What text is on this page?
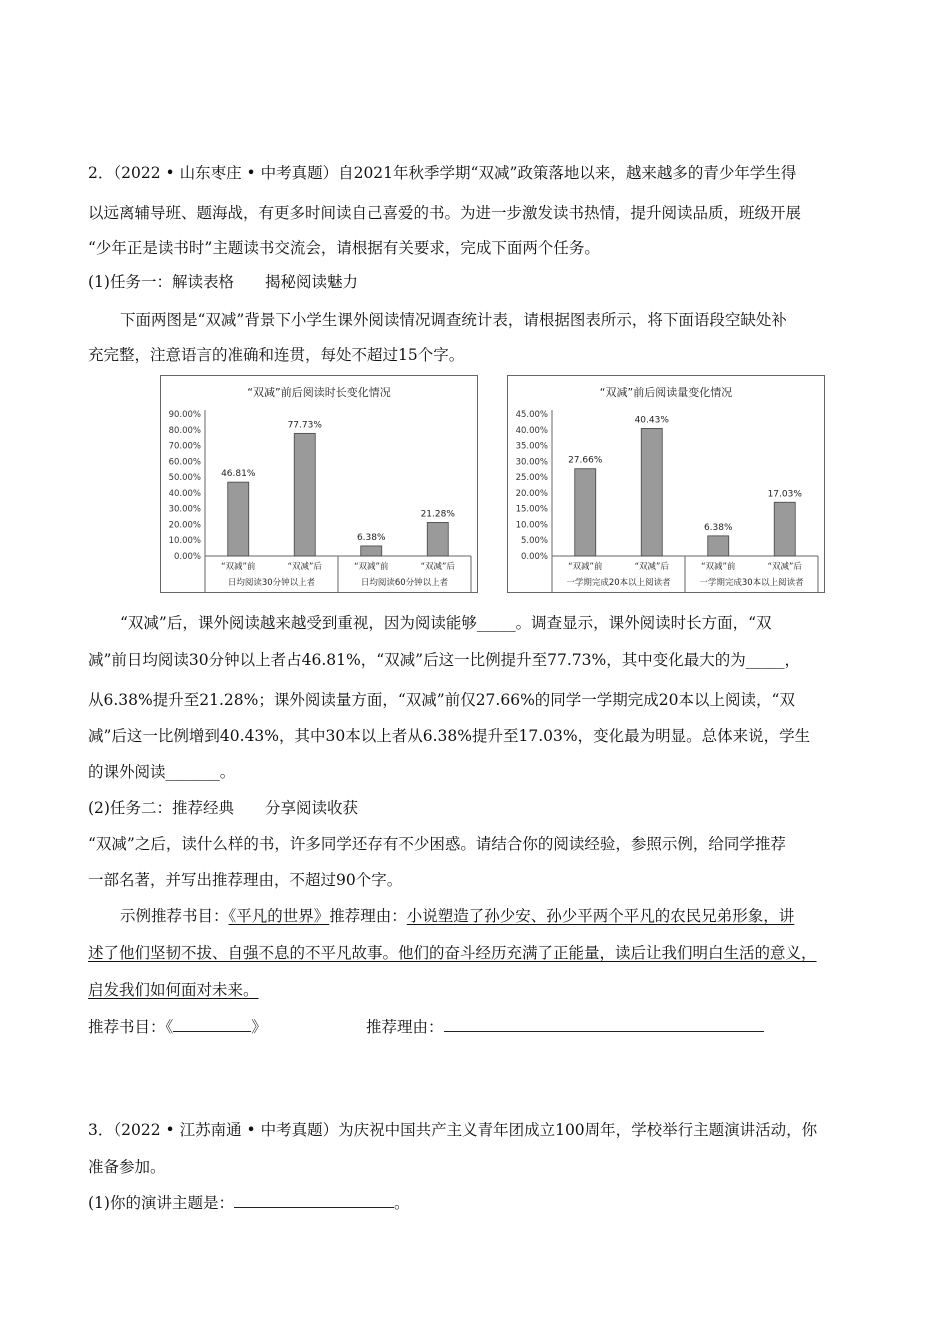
2．（2022 • 山东枣庄 • 中考真题）自2021年秋季学期“双减”政策落地以来，越来越多的青少年学生得
以远离辅导班、题海战，有更多时间读自己喜爱的书。为进一步激发读书热情，提升阅读品质，班级开展
“少年正是读书时”主题读书交流会，请根据有关要求，完成下面两个任务。
(1)任务一：解读表格　　揭秘阅读魅力
下面两图是“双减”背景下小学生课外阅读情况调查统计表，请根据图表所示，将下面语段空缺处补
充完整，注意语言的准确和连贯，每处不超过15个字。
“双减”前后阅读时长变化情况
0.00%
10.00%
20.00%
30.00%
40.00%
50.00%
60.00%
70.00%
80.00%
90.00%
46.81%
“双减”前
77.73%
“双减”后
6.38%
“双减”前
21.28%
“双减”后
日均阅读30分钟以上者	日均阅读60分钟以上者
“双减”前后阅读量变化情况
0.00%
5.00%
10.00%
15.00%
20.00%
25.00%
30.00%
35.00%
40.00%
45.00%
27.66%
“双减”前
40.43%
“双减”后
6.38%
“双减”前
17.03%
“双减”后
一学期完成20本以上阅读者	一学期完成30本以上阅读者
“双减”后，课外阅读越来越受到重视，因为阅读能够_____。调查显示，课外阅读时长方面，“双
减”前日均阅读30分钟以上者占46.81%，“双减”后这一比例提升至77.73%，其中变化最大的为_____，
从6.38%提升至21.28%；课外阅读量方面，“双减”前仅27.66%的同学一学期完成20本以上阅读，“双
减”后这一比例增到40.43%，其中30本以上者从6.38%提升至17.03%，变化最为明显。总体来说，学生
的课外阅读_______。
(2)任务二：推荐经典　　分享阅读收获
“双减”之后，读什么样的书，许多同学还存有不少困惑。请结合你的阅读经验，参照示例，给同学推荐
一部名著，并写出推荐理由，不超过90个字。
示例推荐书目：《平凡的世界》推荐理由：小说塑造了孙少安、孙少平两个平凡的农民兄弟形象，讲
述了他们坚韧不拔、自强不息的不平凡故事。他们的奋斗经历充满了正能量，读后让我们明白生活的意义，
启发我们如何面对未来。
推荐书目：《	》	推荐理由：
3．（2022 • 江苏南通 • 中考真题）为庆祝中国共产主义青年团成立100周年，学校举行主题演讲活动，你
准备参加。
(1)你的演讲主题是：	。
